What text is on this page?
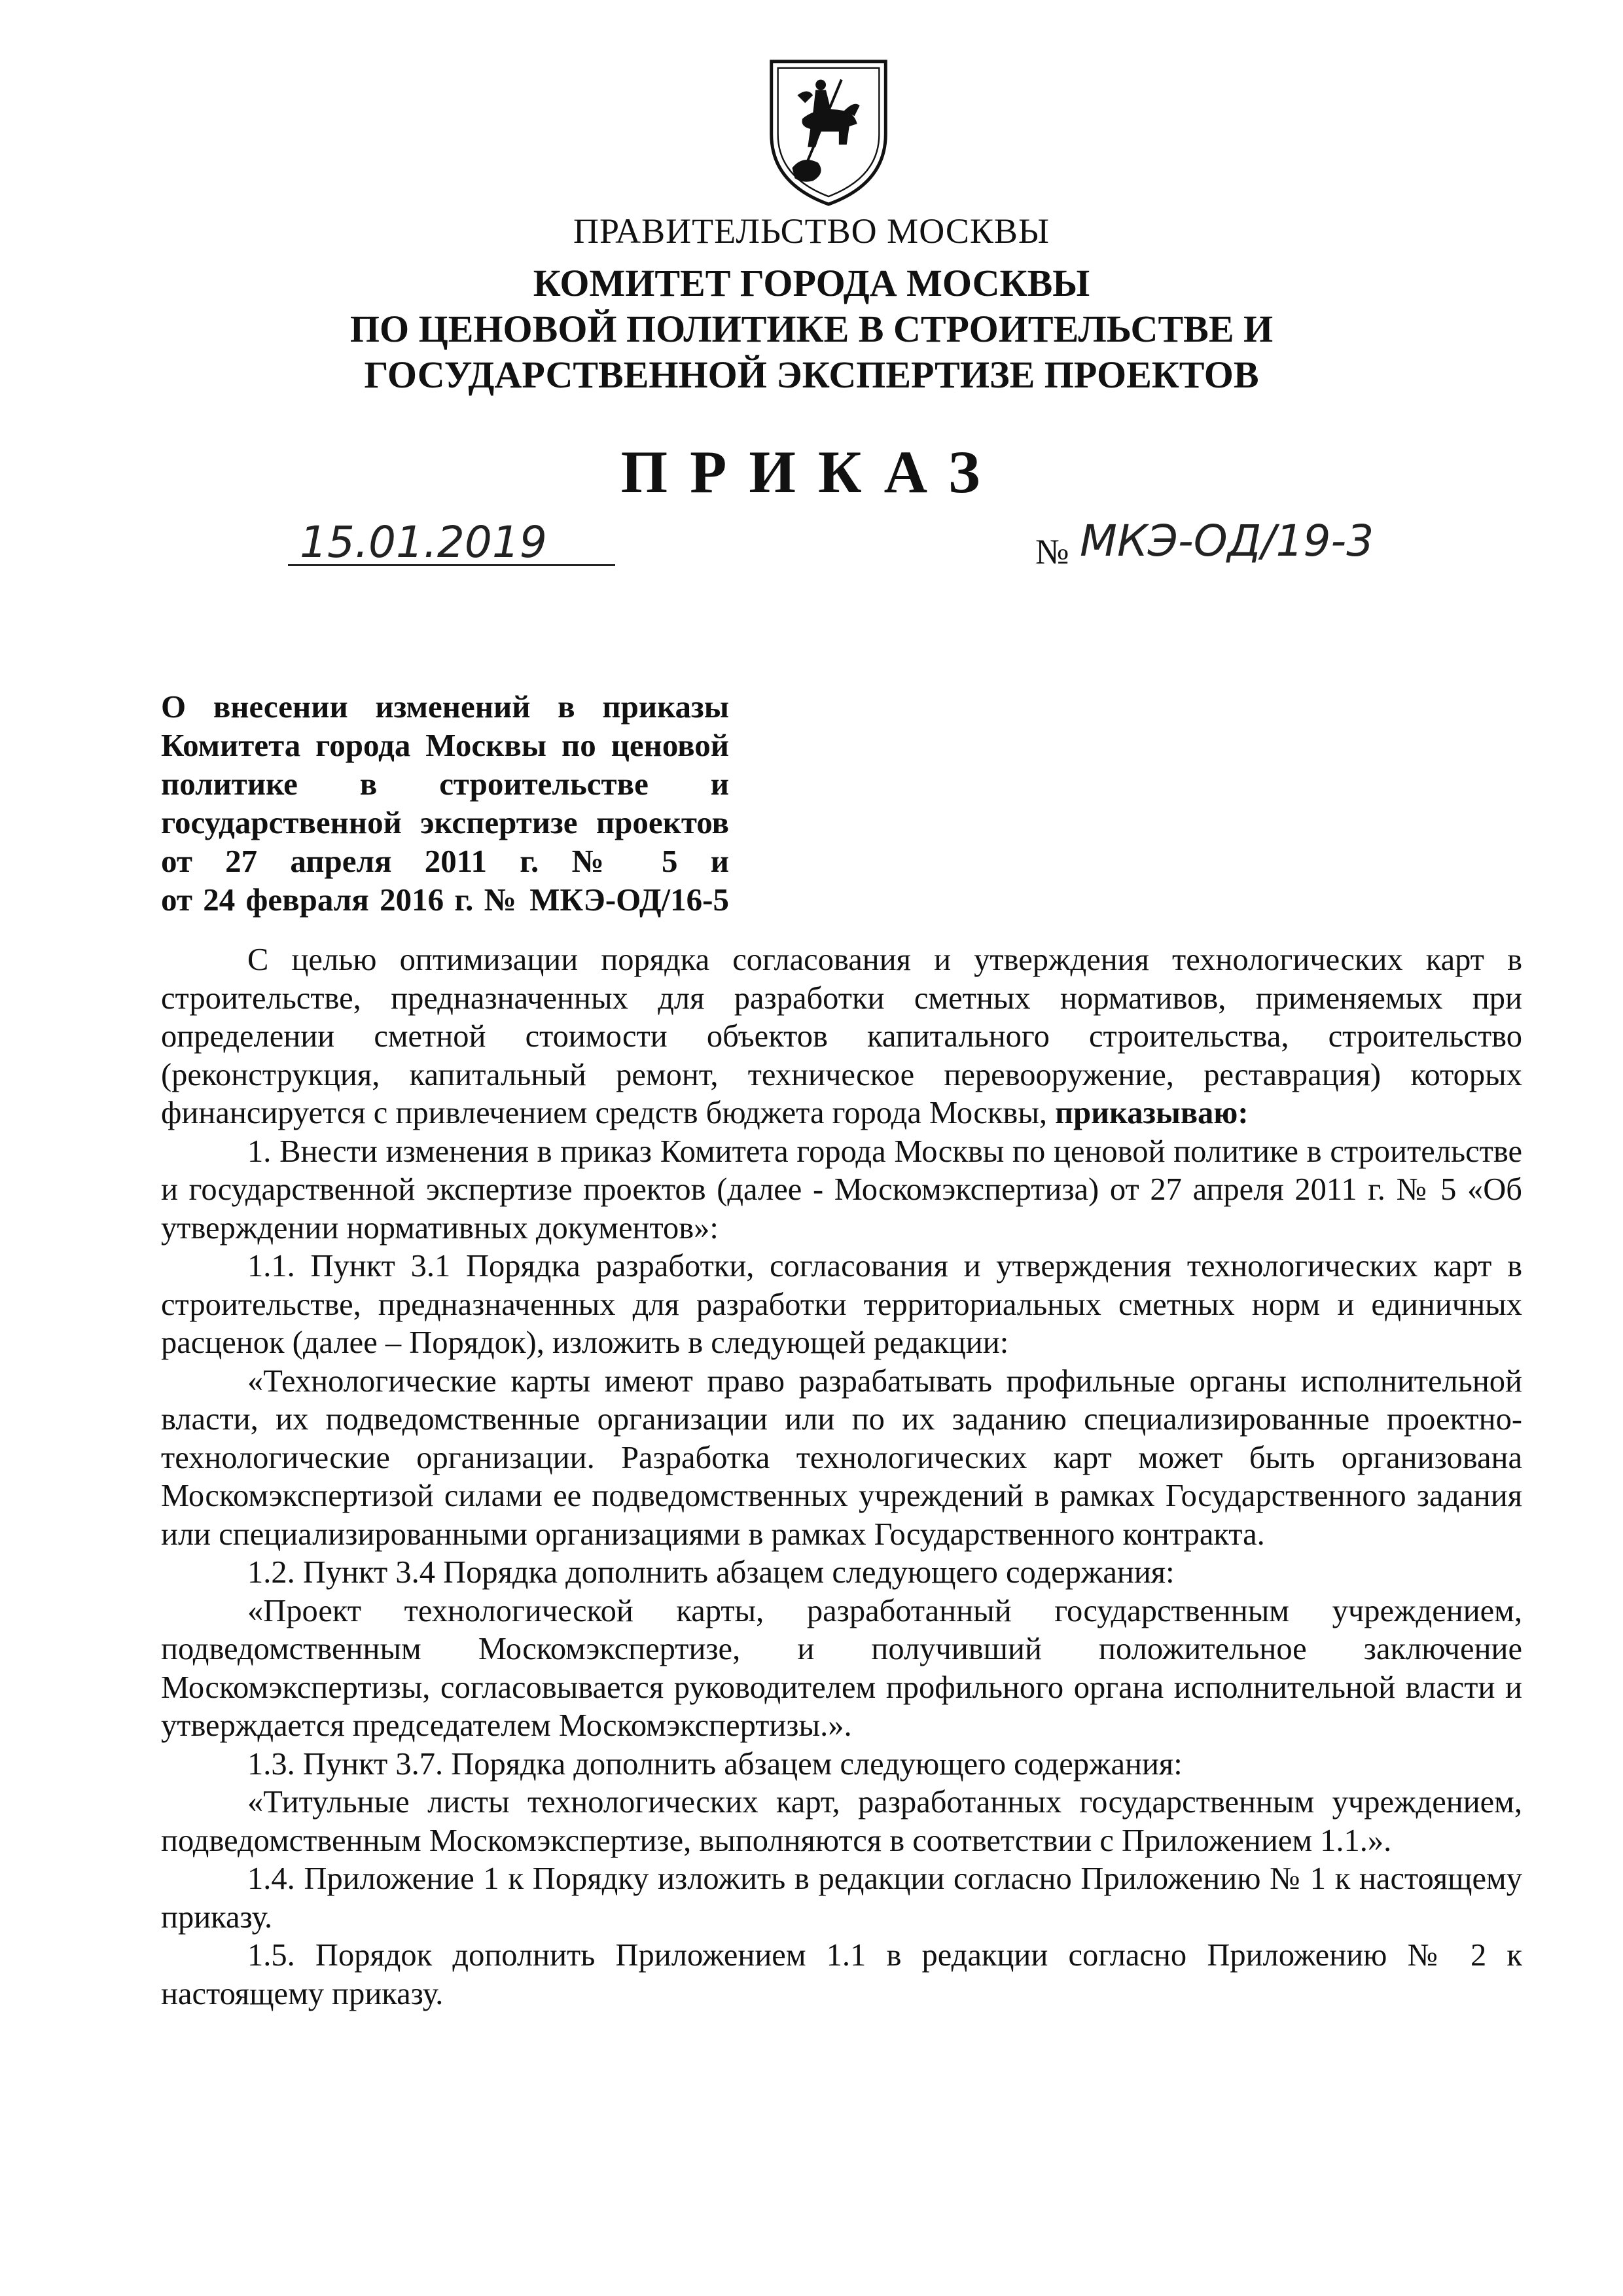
ПРАВИТЕЛЬСТВО МОСКВЫ
КОМИТЕТ ГОРОДА МОСКВЫ
ПО ЦЕНОВОЙ ПОЛИТИКЕ В СТРОИТЕЛЬСТВЕ И
ГОСУДАРСТВЕННОЙ ЭКСПЕРТИЗЕ ПРОЕКТОВ
ПРИКАЗ
15.01.2019	№ МКЭ-ОД/19-3
О внесении изменений в приказы
Комитета города Москвы по ценовой
политике в строительстве и
государственной экспертизе проектов
от 27 апреля 2011 г. № 5 и
от 24 февраля 2016 г. № МКЭ-ОД/16-5

С целью оптимизации порядка согласования и утверждения технологических карт в строительстве, предназначенных для разработки сметных нормативов, применяемых при определении сметной стоимости объектов капитального строительства, строительство (реконструкция, капитальный ремонт, техническое перевооружение, реставрация) которых финансируется с привлечением средств бюджета города Москвы, приказываю:

1. Внести изменения в приказ Комитета города Москвы по ценовой политике в строительстве и государственной экспертизе проектов (далее - Москомэкспертиза) от 27 апреля 2011 г. № 5 «Об утверждении нормативных документов»:

1.1. Пункт 3.1 Порядка разработки, согласования и утверждения технологических карт в строительстве, предназначенных для разработки территориальных сметных норм и единичных расценок (далее – Порядок), изложить в следующей редакции:

«Технологические карты имеют право разрабатывать профильные органы исполнительной власти, их подведомственные организации или по их заданию специализированные проектно-технологические организации. Разработка технологических карт может быть организована Москомэкспертизой силами ее подведомственных учреждений в рамках Государственного задания или специализированными организациями в рамках Государственного контракта.

1.2. Пункт 3.4 Порядка дополнить абзацем следующего содержания:

«Проект технологической карты, разработанный государственным учреждением, подведомственным Москомэкспертизе, и получивший положительное заключение Москомэкспертизы, согласовывается руководителем профильного органа исполнительной власти и утверждается председателем Москомэкспертизы.».

1.3. Пункт 3.7. Порядка дополнить абзацем следующего содержания:

«Титульные листы технологических карт, разработанных государственным учреждением, подведомственным Москомэкспертизе, выполняются в соответствии с Приложением 1.1.».

1.4. Приложение 1 к Порядку изложить в редакции согласно Приложению № 1 к настоящему приказу.

1.5. Порядок дополнить Приложением 1.1 в редакции согласно Приложению № 2 к настоящему приказу.
